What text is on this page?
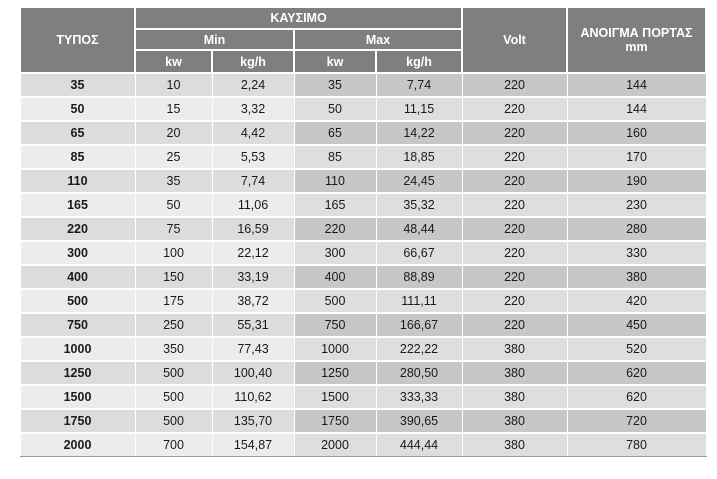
ΤΥΠΟΣ	ΚΑΥΣΙΜΟ				Volt	ΑΝΟΙΓΜΑ ΠΟΡΤΑΣ
mm
	Min		Max			
	kw	kg/h	kw	kg/h		
35	10	2,24	35	7,74	220	144
50	15	3,32	50	11,15	220	144
65	20	4,42	65	14,22	220	160
85	25	5,53	85	18,85	220	170
110	35	7,74	110	24,45	220	190
165	50	11,06	165	35,32	220	230
220	75	16,59	220	48,44	220	280
300	100	22,12	300	66,67	220	330
400	150	33,19	400	88,89	220	380
500	175	38,72	500	111,11	220	420
750	250	55,31	750	166,67	220	450
1000	350	77,43	1000	222,22	380	520
1250	500	100,40	1250	280,50	380	620
1500	500	110,62	1500	333,33	380	620
1750	500	135,70	1750	390,65	380	720
2000	700	154,87	2000	444,44	380	780
